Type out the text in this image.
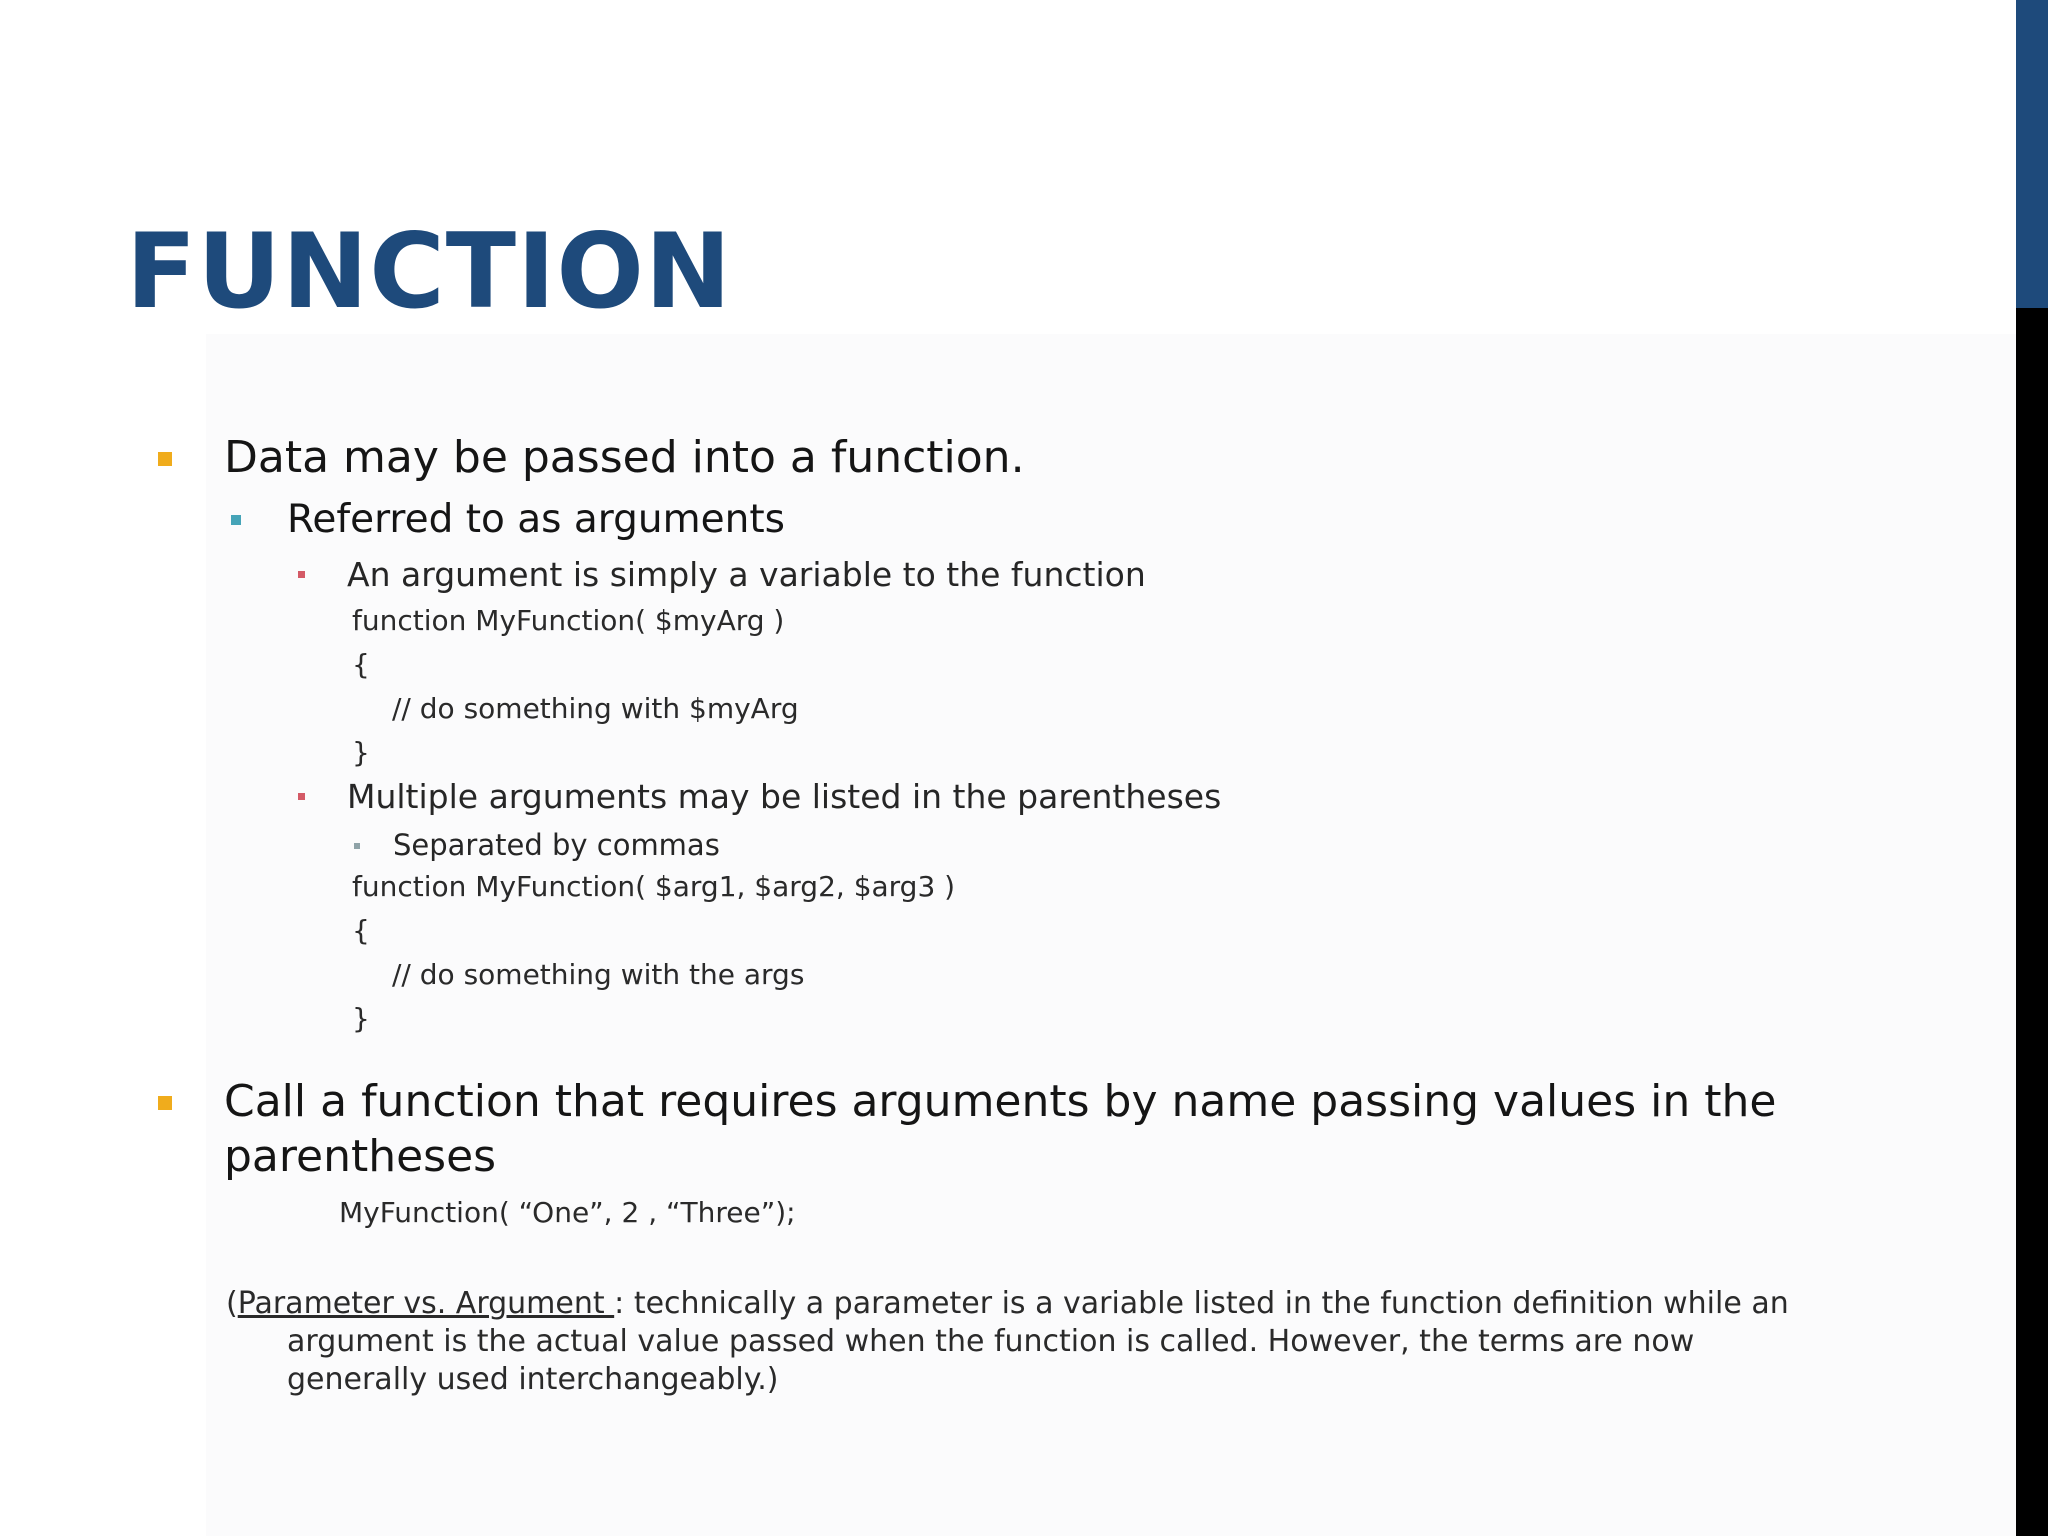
FUNCTION
Data may be passed into a function.
Referred to as arguments
An argument is simply a variable to the function
function MyFunction( $myArg )
{
// do something with $myArg
}
Multiple arguments may be listed in the parentheses
Separated by commas
function MyFunction( $arg1, $arg2, $arg3 )
{
// do something with the args
}
Call a function that requires arguments by name passing values in the
parentheses
MyFunction( “One”, 2 , “Three”);
(Parameter vs. Argument : technically a parameter is a variable listed in the function definition while an
argument is the actual value passed when the function is called. However, the terms are now
generally used interchangeably.)
